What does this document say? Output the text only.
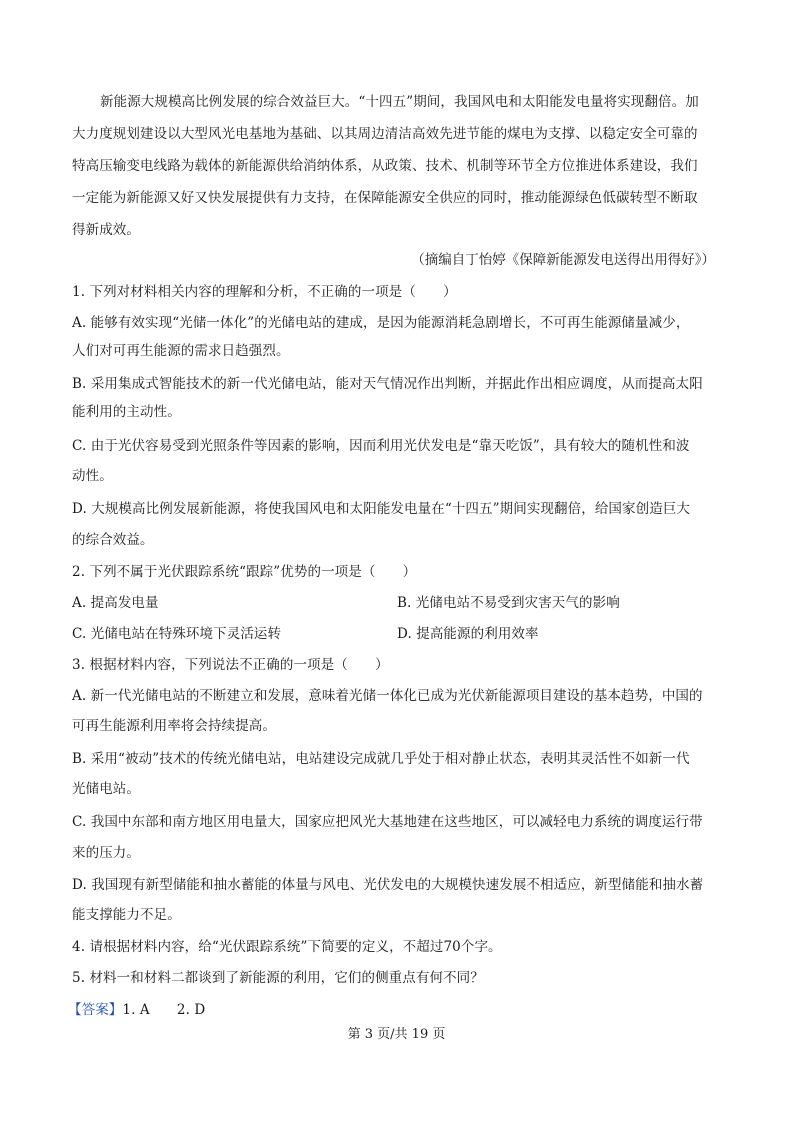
新能源大规模高比例发展的综合效益巨大。“十四五”期间，我国风电和太阳能发电量将实现翻倍。加
大力度规划建设以大型风光电基地为基础、以其周边清洁高效先进节能的煤电为支撑、以稳定安全可靠的
特高压输变电线路为载体的新能源供给消纳体系，从政策、技术、机制等环节全方位推进体系建设，我们
一定能为新能源又好又快发展提供有力支持，在保障能源安全供应的同时，推动能源绿色低碳转型不断取
得新成效。
（摘编自丁怡婷《保障新能源发电送得出用得好》）
1. 下列对材料相关内容的理解和分析，不正确的一项是（　　）
A. 能够有效实现“光储一体化”的光储电站的建成，是因为能源消耗急剧增长，不可再生能源储量减少，
人们对可再生能源的需求日趋强烈。
B. 采用集成式智能技术的新一代光储电站，能对天气情况作出判断，并据此作出相应调度，从而提高太阳
能利用的主动性。
C. 由于光伏容易受到光照条件等因素的影响，因而利用光伏发电是“靠天吃饭”，具有较大的随机性和波
动性。
D. 大规模高比例发展新能源，将使我国风电和太阳能发电量在“十四五”期间实现翻倍，给国家创造巨大
的综合效益。
2. 下列不属于光伏跟踪系统“跟踪”优势的一项是（　　）
A. 提高发电量	B. 光储电站不易受到灾害天气的影响
C. 光储电站在特殊环境下灵活运转	D. 提高能源的利用效率
3. 根据材料内容，下列说法不正确的一项是（　　）
A. 新一代光储电站的不断建立和发展，意味着光储一体化已成为光伏新能源项目建设的基本趋势，中国的
可再生能源利用率将会持续提高。
B. 采用“被动”技术的传统光储电站，电站建设完成就几乎处于相对静止状态，表明其灵活性不如新一代
光储电站。
C. 我国中东部和南方地区用电量大，国家应把风光大基地建在这些地区，可以减轻电力系统的调度运行带
来的压力。
D. 我国现有新型储能和抽水蓄能的体量与风电、光伏发电的大规模快速发展不相适应，新型储能和抽水蓄
能支撑能力不足。
4. 请根据材料内容，给“光伏跟踪系统”下简要的定义，不超过70个字。
5. 材料一和材料二都谈到了新能源的利用，它们的侧重点有何不同？
【答案】1. A　　2. D
第 3 页/共 19 页
